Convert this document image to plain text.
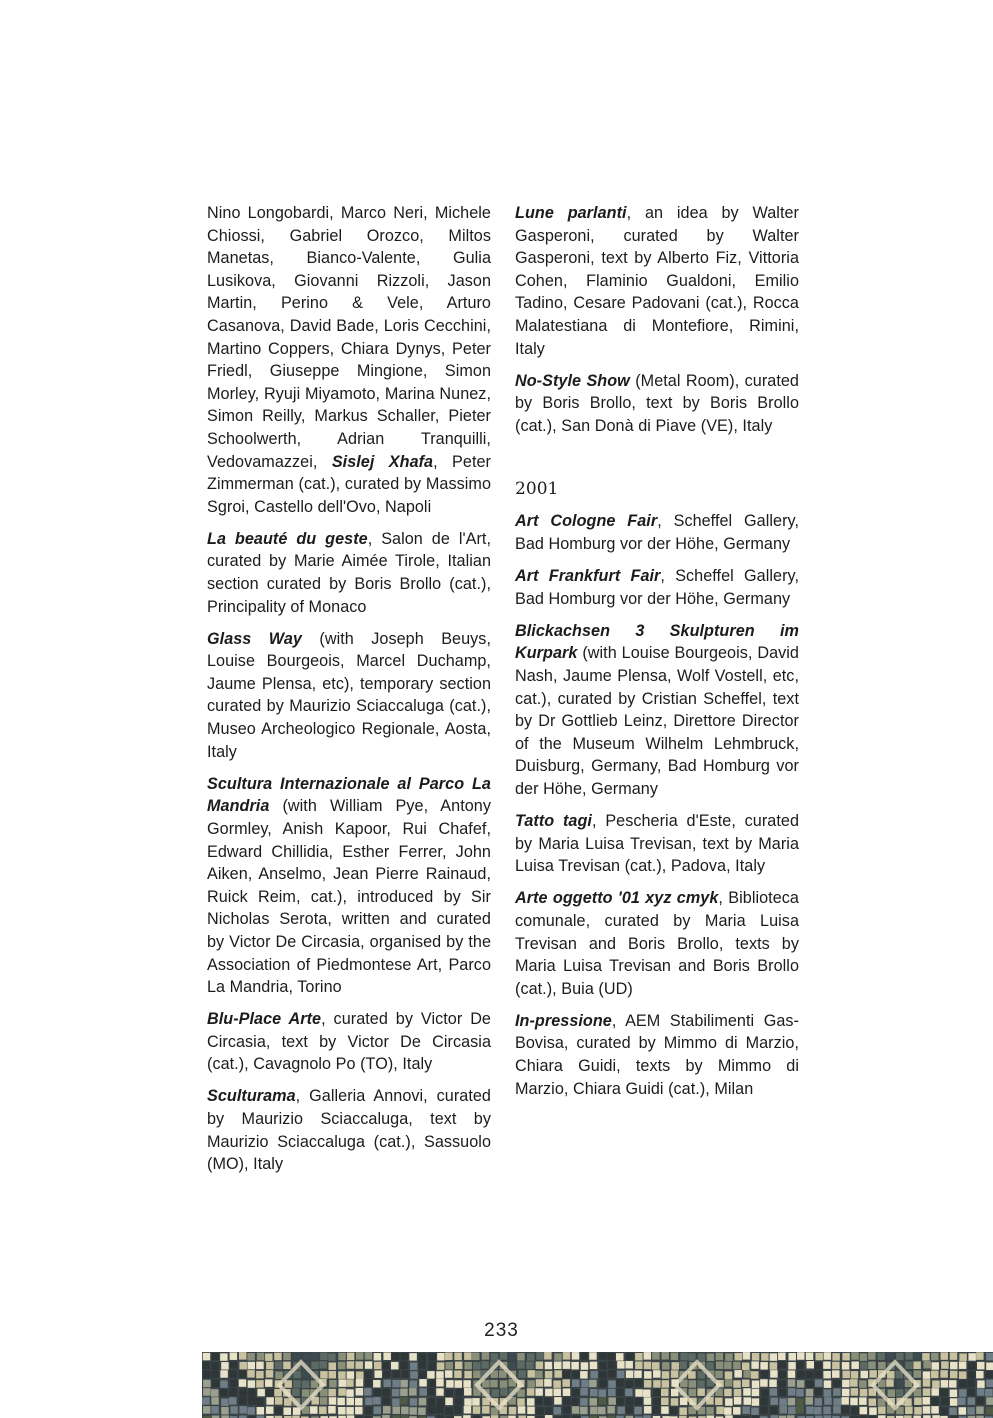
Nino Longobardi, Marco Neri, Michele Chiossi, Gabriel Orozco, Miltos Manetas, Bianco-Valente, Gulia Lusikova, Giovanni Rizzoli, Jason Martin, Perino & Vele, Arturo Casanova, David Bade, Loris Cecchini, Martino Coppers, Chiara Dynys, Peter Friedl, Giuseppe Mingione, Simon Morley, Ryuji Miyamoto, Marina Nunez, Simon Reilly, Markus Schaller, Pieter Schoolwerth, Adrian Tranquilli, Vedovamazzei, Sislej Xhafa, Peter Zimmerman (cat.), curated by Massimo Sgroi, Castello dell'Ovo, Napoli

La beauté du geste, Salon de l'Art, curated by Marie Aimée Tirole, Italian section curated by Boris Brollo (cat.), Principality of Monaco

Glass Way (with Joseph Beuys, Louise Bourgeois, Marcel Duchamp, Jaume Plensa, etc), temporary section curated by Maurizio Sciaccaluga (cat.), Museo Archeologico Regionale, Aosta, Italy

Scultura Internazionale al Parco La Mandria (with William Pye, Antony Gormley, Anish Kapoor, Rui Chafef, Edward Chillidia, Esther Ferrer, John Aiken, Anselmo, Jean Pierre Rainaud, Ruick Reim, cat.), introduced by Sir Nicholas Serota, written and curated by Victor De Circasia, organised by the Association of Piedmontese Art, Parco La Mandria, Torino

Blu-Place Arte, curated by Victor De Circasia, text by Victor De Circasia (cat.), Cavagnolo Po (TO), Italy

Sculturama, Galleria Annovi, curated by Maurizio Sciaccaluga, text by Maurizio Sciaccaluga (cat.), Sassuolo (MO), Italy

Lune parlanti, an idea by Walter Gasperoni, curated by Walter Gasperoni, text by Alberto Fiz, Vittoria Cohen, Flaminio Gualdoni, Emilio Tadino, Cesare Padovani (cat.), Rocca Malatestiana di Montefiore, Rimini, Italy

No-Style Show (Metal Room), curated by Boris Brollo, text by Boris Brollo (cat.), San Donà di Piave (VE), Italy

2001

Art Cologne Fair, Scheffel Gallery, Bad Homburg vor der Höhe, Germany

Art Frankfurt Fair, Scheffel Gallery, Bad Homburg vor der Höhe, Germany

Blickachsen 3 Skulpturen im Kurpark (with Louise Bourgeois, David Nash, Jaume Plensa, Wolf Vostell, etc, cat.), curated by Cristian Scheffel, text by Dr Gottlieb Leinz, Direttore Director of the Museum Wilhelm Lehmbruck, Duisburg, Germany, Bad Homburg vor der Höhe, Germany

Tatto tagi, Pescheria d'Este, curated by Maria Luisa Trevisan, text by Maria Luisa Trevisan (cat.), Padova, Italy

Arte oggetto '01 xyz cmyk, Biblioteca comunale, curated by Maria Luisa Trevisan and Boris Brollo, texts by Maria Luisa Trevisan and Boris Brollo (cat.), Buia (UD)

In-pressione, AEM Stabilimenti Gas-Bovisa, curated by Mimmo di Marzio, Chiara Guidi, texts by Mimmo di Marzio, Chiara Guidi (cat.), Milan

233
